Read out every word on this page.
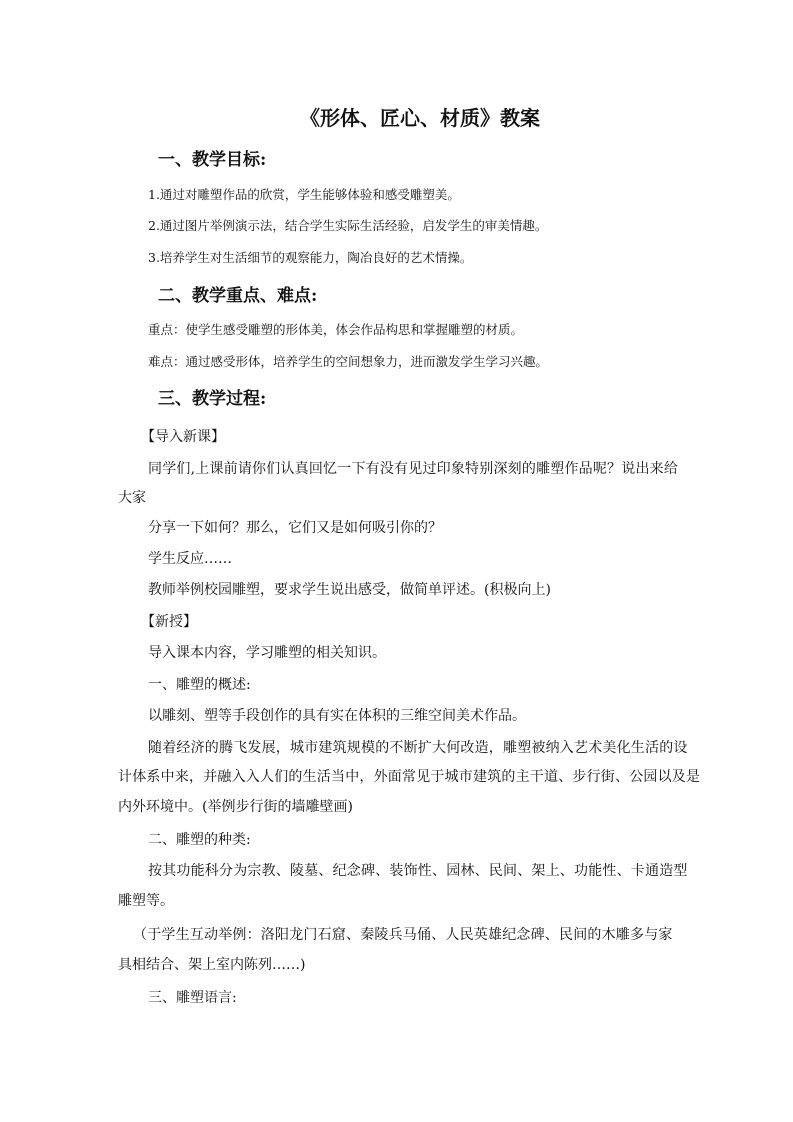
《形体、匠心、材质》教案
一、教学目标:
1.通过对雕塑作品的欣赏，学生能够体验和感受雕塑美。
2.通过图片举例演示法，结合学生实际生活经验，启发学生的审美情趣。
3.培养学生对生活细节的观察能力，陶冶良好的艺术情操。
二、教学重点、难点:
重点：使学生感受雕塑的形体美，体会作品构思和掌握雕塑的材质。
难点：通过感受形体，培养学生的空间想象力，进而激发学生学习兴趣。
三、教学过程:
【导入新课】
同学们,上课前请你们认真回忆一下有没有见过印象特别深刻的雕塑作品呢？说出来给
大家
分享一下如何？那么，它们又是如何吸引你的？
学生反应……
教师举例校园雕塑，要求学生说出感受，做简单评述。(积极向上)
【新授】
导入课本内容，学习雕塑的相关知识。
一、雕塑的概述:
以雕刻、塑等手段创作的具有实在体积的三维空间美术作品。
随着经济的腾飞发展，城市建筑规模的不断扩大何改造，雕塑被纳入艺术美化生活的设
计体系中来，并融入入人们的生活当中，外面常见于城市建筑的主干道、步行街、公园以及是
内外环境中。(举例步行街的墙雕壁画)
二、雕塑的种类:
按其功能科分为宗教、陵墓、纪念碑、装饰性、园林、民间、架上、功能性、卡通造型
雕塑等。
（于学生互动举例：洛阳龙门石窟、秦陵兵马俑、人民英雄纪念碑、民间的木雕多与家
具相结合、架上室内陈列……)
三、雕塑语言:
